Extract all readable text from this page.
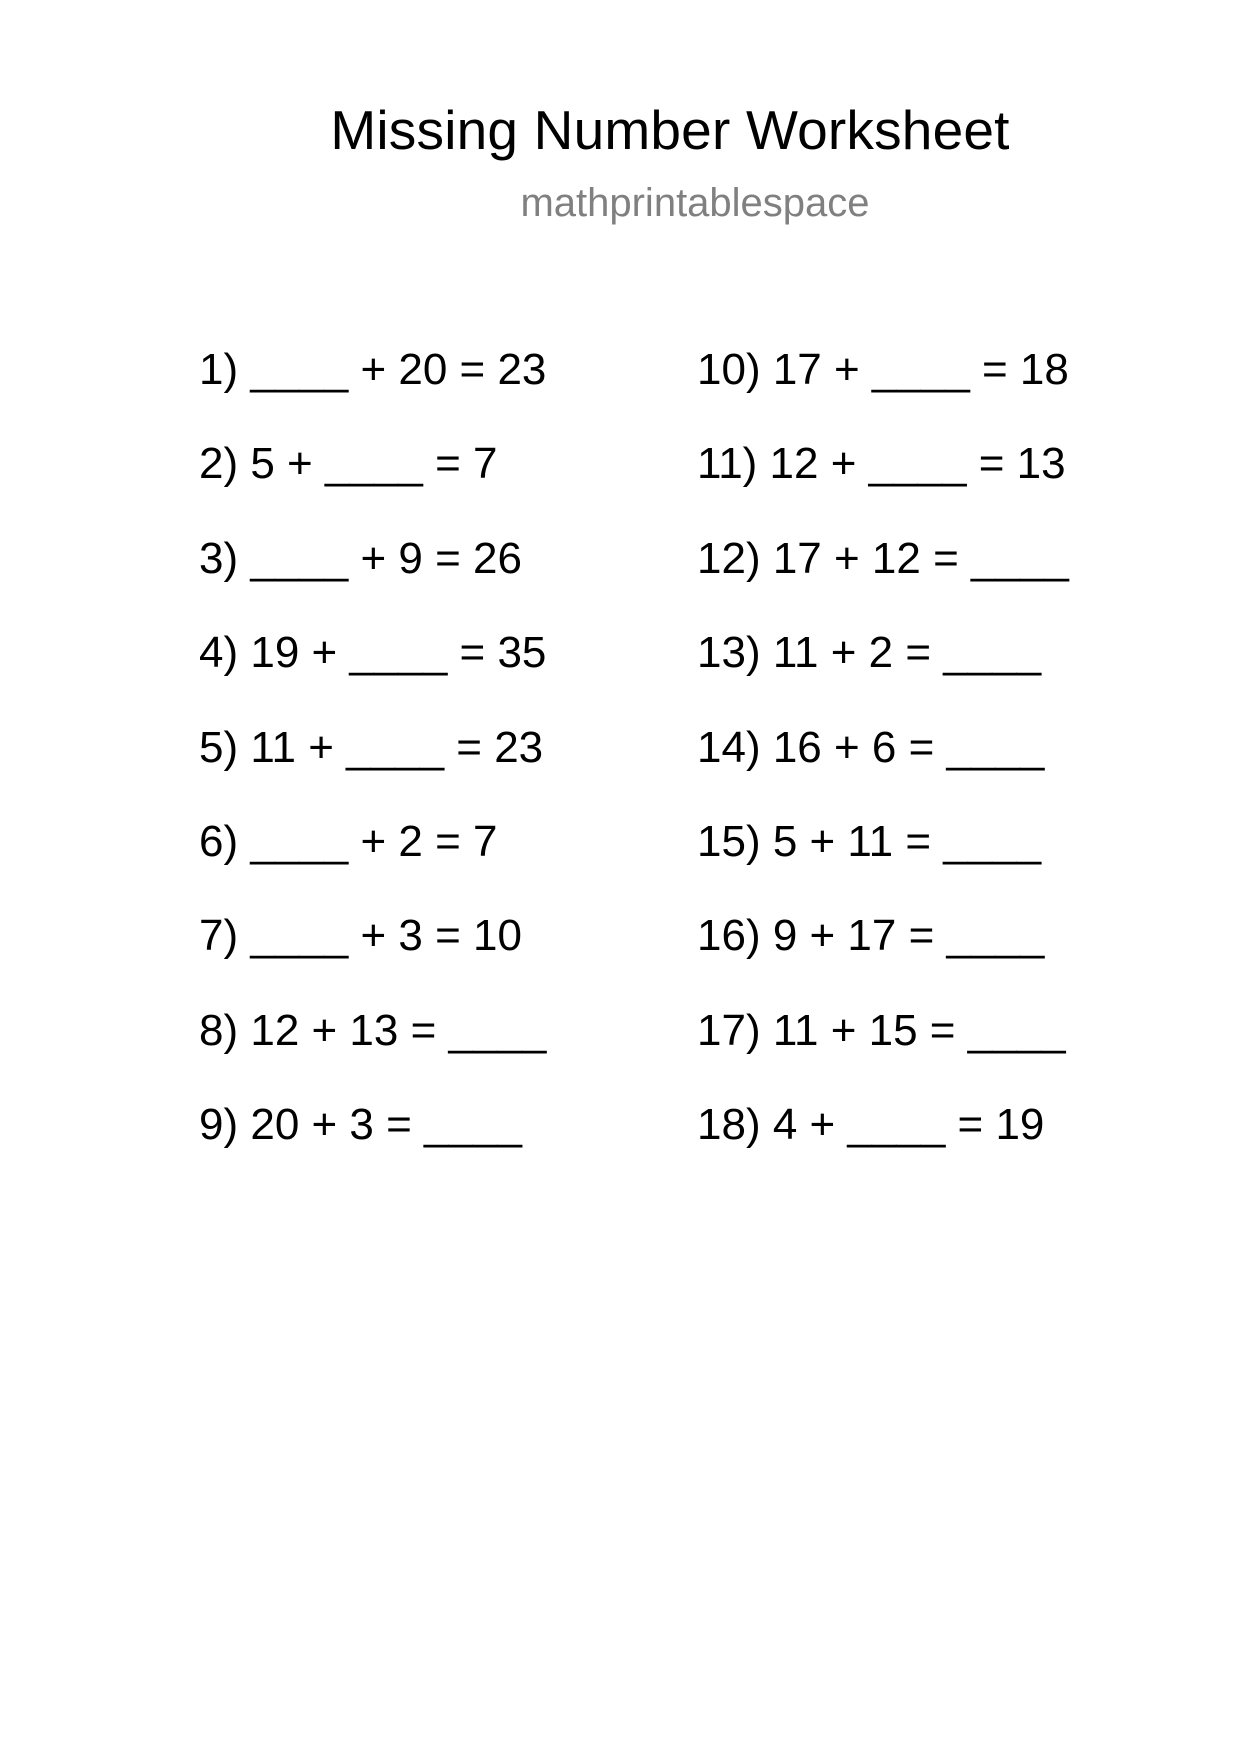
Missing Number Worksheet
mathprintablespace
1) ____ + 20 = 23
2) 5 + ____ = 7
3) ____ + 9 = 26
4) 19 + ____ = 35
5) 11 + ____ = 23
6) ____ + 2 = 7
7) ____ + 3 = 10
8) 12 + 13 = ____
9) 20 + 3 = ____
10) 17 + ____ = 18
11) 12 + ____ = 13
12) 17 + 12 = ____
13) 11 + 2 = ____
14) 16 + 6 = ____
15) 5 + 11 = ____
16) 9 + 17 = ____
17) 11 + 15 = ____
18) 4 + ____ = 19
